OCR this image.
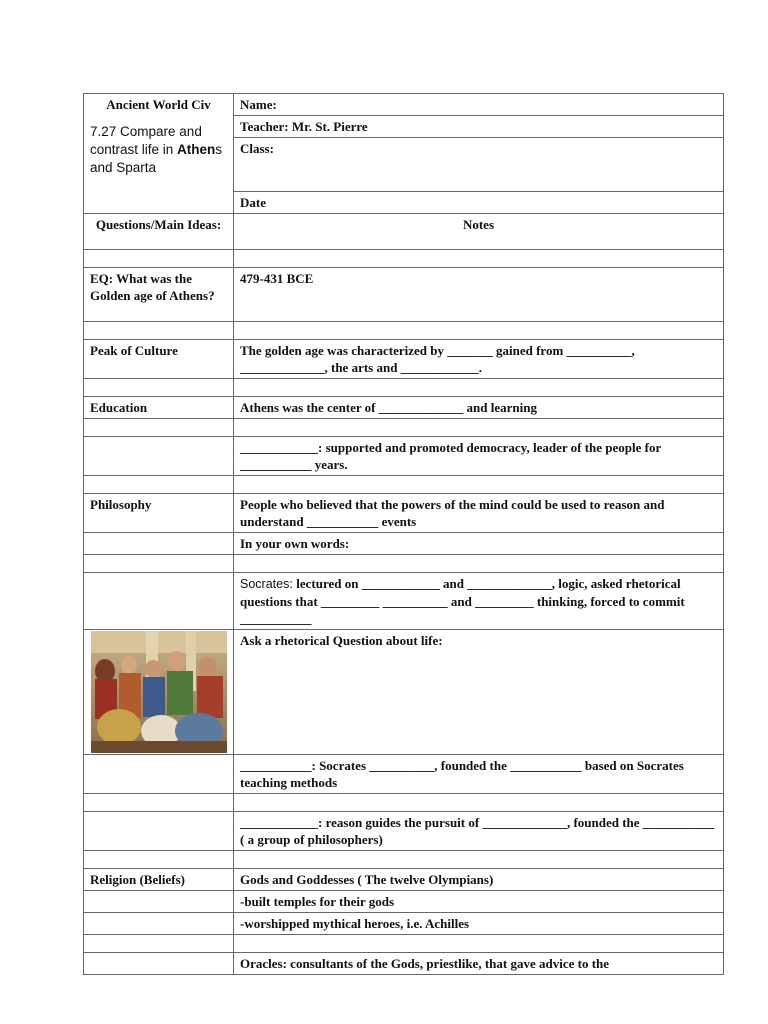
Ancient World Civ
7.27 Compare and contrast life in Athens and Sparta	Name:
	Teacher: Mr. St. Pierre
	Class:
	Date
Questions/Main Ideas:	Notes

EQ: What was the Golden age of Athens?	479-431 BCE

Peak of Culture	The golden age was characterized by _______ gained from __________, _____________, the arts and ____________.

Education	Athens was the center of _____________ and learning

	____________: supported and promoted democracy, leader of the people for ___________ years.

Philosophy	People who believed that the powers of the mind could be used to reason and understand ___________ events
	In your own words:

	Socrates: lectured on ____________ and _____________, logic, asked rhetorical questions that _________ __________ and _________ thinking, forced to commit ___________

	Ask a rhetorical Question about life:
	___________: Socrates __________, founded the ___________ based on Socrates teaching methods

	____________: reason guides the pursuit of _____________, founded the ___________ ( a group of philosophers)

Religion (Beliefs)	Gods and Goddesses ( The twelve Olympians)
	-built temples for their gods
	-worshipped mythical heroes, i.e. Achilles

	Oracles: consultants of the Gods, priestlike, that gave advice to the
